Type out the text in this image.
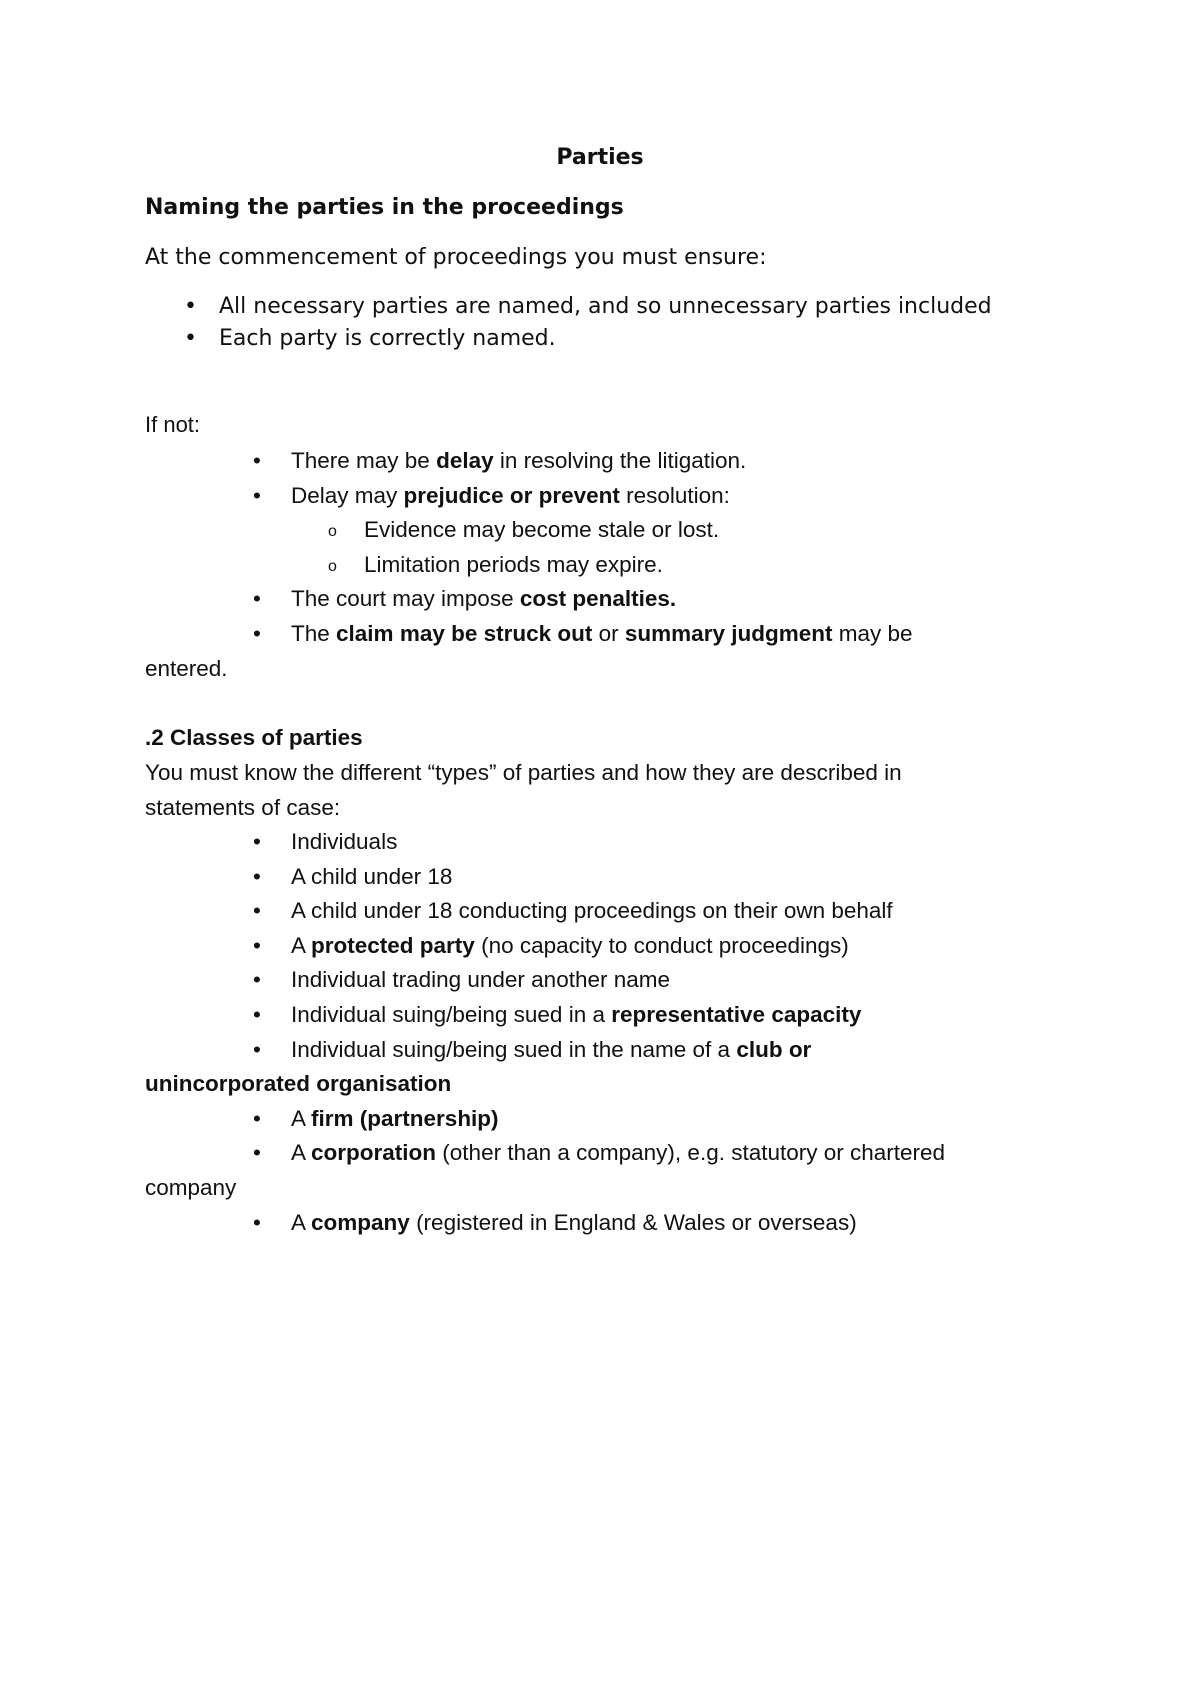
Parties
Naming the parties in the proceedings

At the commencement of proceedings you must ensure:

• All necessary parties are named, and so unnecessary parties included
• Each party is correctly named.

If not:

• There may be delay in resolving the litigation.
• Delay may prejudice or prevent resolution:
o Evidence may become stale or lost.
o Limitation periods may expire.
• The court may impose cost penalties.
• The claim may be struck out or summary judgment may be
entered.
.2 Classes of parties

You must know the different “types” of parties and how they are described in
statements of case:

• Individuals
• A child under 18
• A child under 18 conducting proceedings on their own behalf
• A protected party (no capacity to conduct proceedings)
• Individual trading under another name
• Individual suing/being sued in a representative capacity
• Individual suing/being sued in the name of a club or
unincorporated organisation
• A firm (partnership)
• A corporation (other than a company), e.g. statutory or chartered
company
• A company (registered in England & Wales or overseas)
